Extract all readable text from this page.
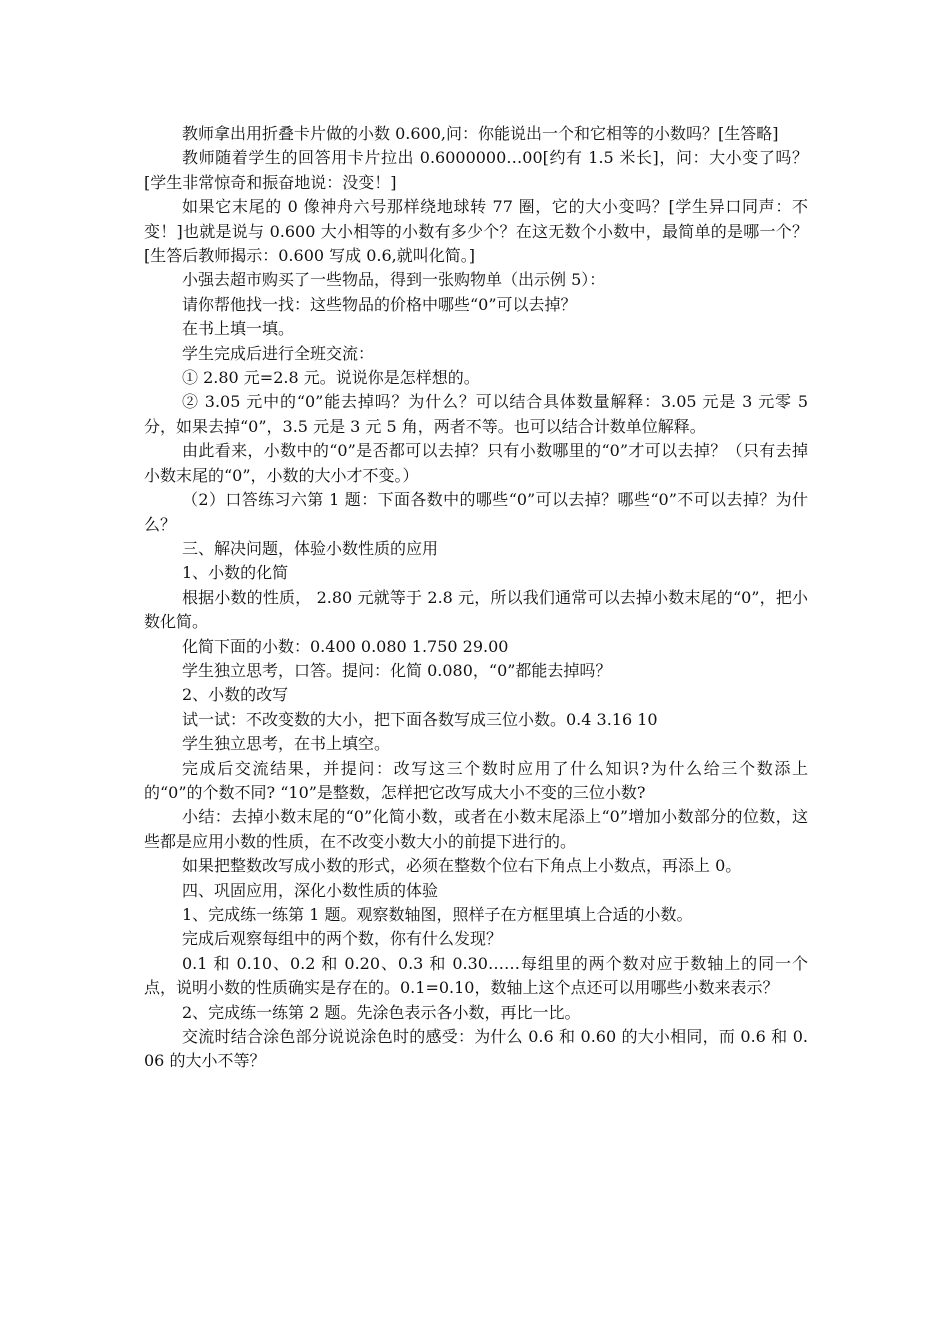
教师拿出用折叠卡片做的小数 0.600,问：你能说出一个和它相等的小数吗？[生答略]

教师随着学生的回答用卡片拉出 0.6000000…00[约有 1.5 米长]，问：大小变了吗？[学生非常惊奇和振奋地说：没变！]

如果它末尾的 0 像神舟六号那样绕地球转 77 圈，它的大小变吗？[学生异口同声：不变！]也就是说与 0.600 大小相等的小数有多少个？在这无数个小数中，最简单的是哪一个？[生答后教师揭示：0.600 写成 0.6,就叫化简。]

小强去超市购买了一些物品，得到一张购物单（出示例 5）：

请你帮他找一找：这些物品的价格中哪些“0”可以去掉？

在书上填一填。

学生完成后进行全班交流：

① 2.80 元=2.8 元。说说你是怎样想的。

② 3.05 元中的“0”能去掉吗？为什么？可以结合具体数量解释：3.05 元是 3 元零 5 分，如果去掉“0”，3.5 元是 3 元 5 角，两者不等。也可以结合计数单位解释。

由此看来，小数中的“0”是否都可以去掉？只有小数哪里的“0”才可以去掉？（只有去掉小数末尾的“0”，小数的大小才不变。）

（2）口答练习六第 1 题：下面各数中的哪些“0”可以去掉？哪些“0”不可以去掉？为什么？

三、解决问题，体验小数性质的应用

1、小数的化简

根据小数的性质， 2.80 元就等于 2.8 元，所以我们通常可以去掉小数末尾的“0”，把小数化简。

化简下面的小数：0.400 0.080 1.750 29.00

学生独立思考，口答。提问：化简 0.080，“0”都能去掉吗？

2、小数的改写

试一试：不改变数的大小，把下面各数写成三位小数。0.4 3.16 10

学生独立思考，在书上填空。

完成后交流结果，并提问：改写这三个数时应用了什么知识?为什么给三个数添上的“0”的个数不同? “10”是整数，怎样把它改写成大小不变的三位小数?

小结：去掉小数末尾的“0”化简小数，或者在小数末尾添上“0”增加小数部分的位数，这些都是应用小数的性质，在不改变小数大小的前提下进行的。

如果把整数改写成小数的形式，必须在整数个位右下角点上小数点，再添上 0。

四、巩固应用，深化小数性质的体验

1、完成练一练第 1 题。观察数轴图，照样子在方框里填上合适的小数。

完成后观察每组中的两个数，你有什么发现？

0.1 和 0.10、0.2 和 0.20、0.3 和 0.30……每组里的两个数对应于数轴上的同一个点，说明小数的性质确实是存在的。0.1=0.10，数轴上这个点还可以用哪些小数来表示？

2、完成练一练第 2 题。先涂色表示各小数，再比一比。

交流时结合涂色部分说说涂色时的感受：为什么 0.6 和 0.60 的大小相同，而 0.6 和 0.06 的大小不等？
